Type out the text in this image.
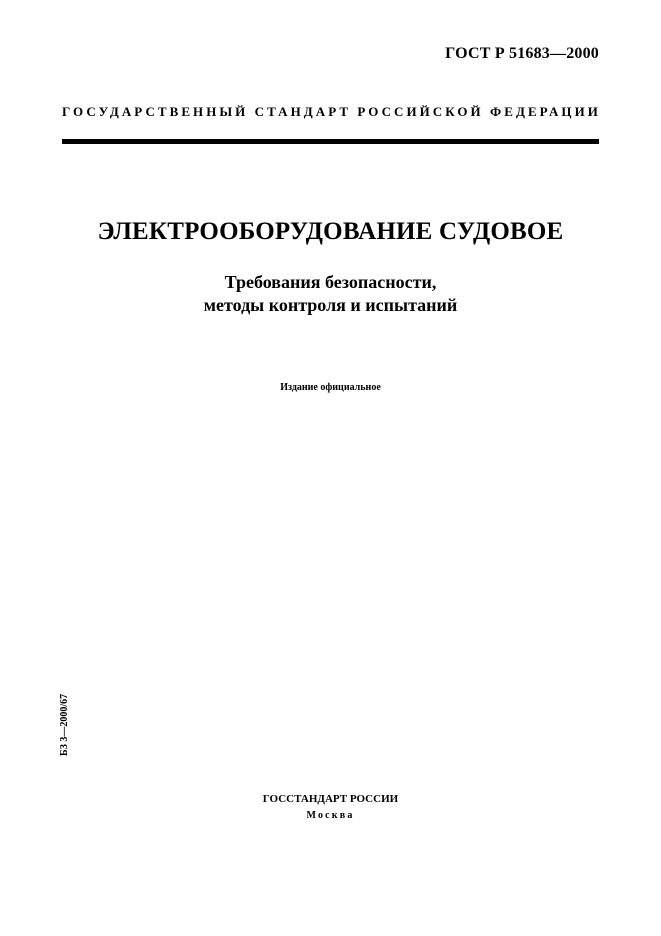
ГОСТ Р 51683—2000
ГОСУДАРСТВЕННЫЙ СТАНДАРТ РОССИЙСКОЙ ФЕДЕРАЦИИ
ЭЛЕКТРООБОРУДОВАНИЕ СУДОВОЕ
Требования безопасности,
методы контроля и испытаний
Издание официальное
БЗ 3—2000/67
ГОССТАНДАРТ РОССИИ
Москва
